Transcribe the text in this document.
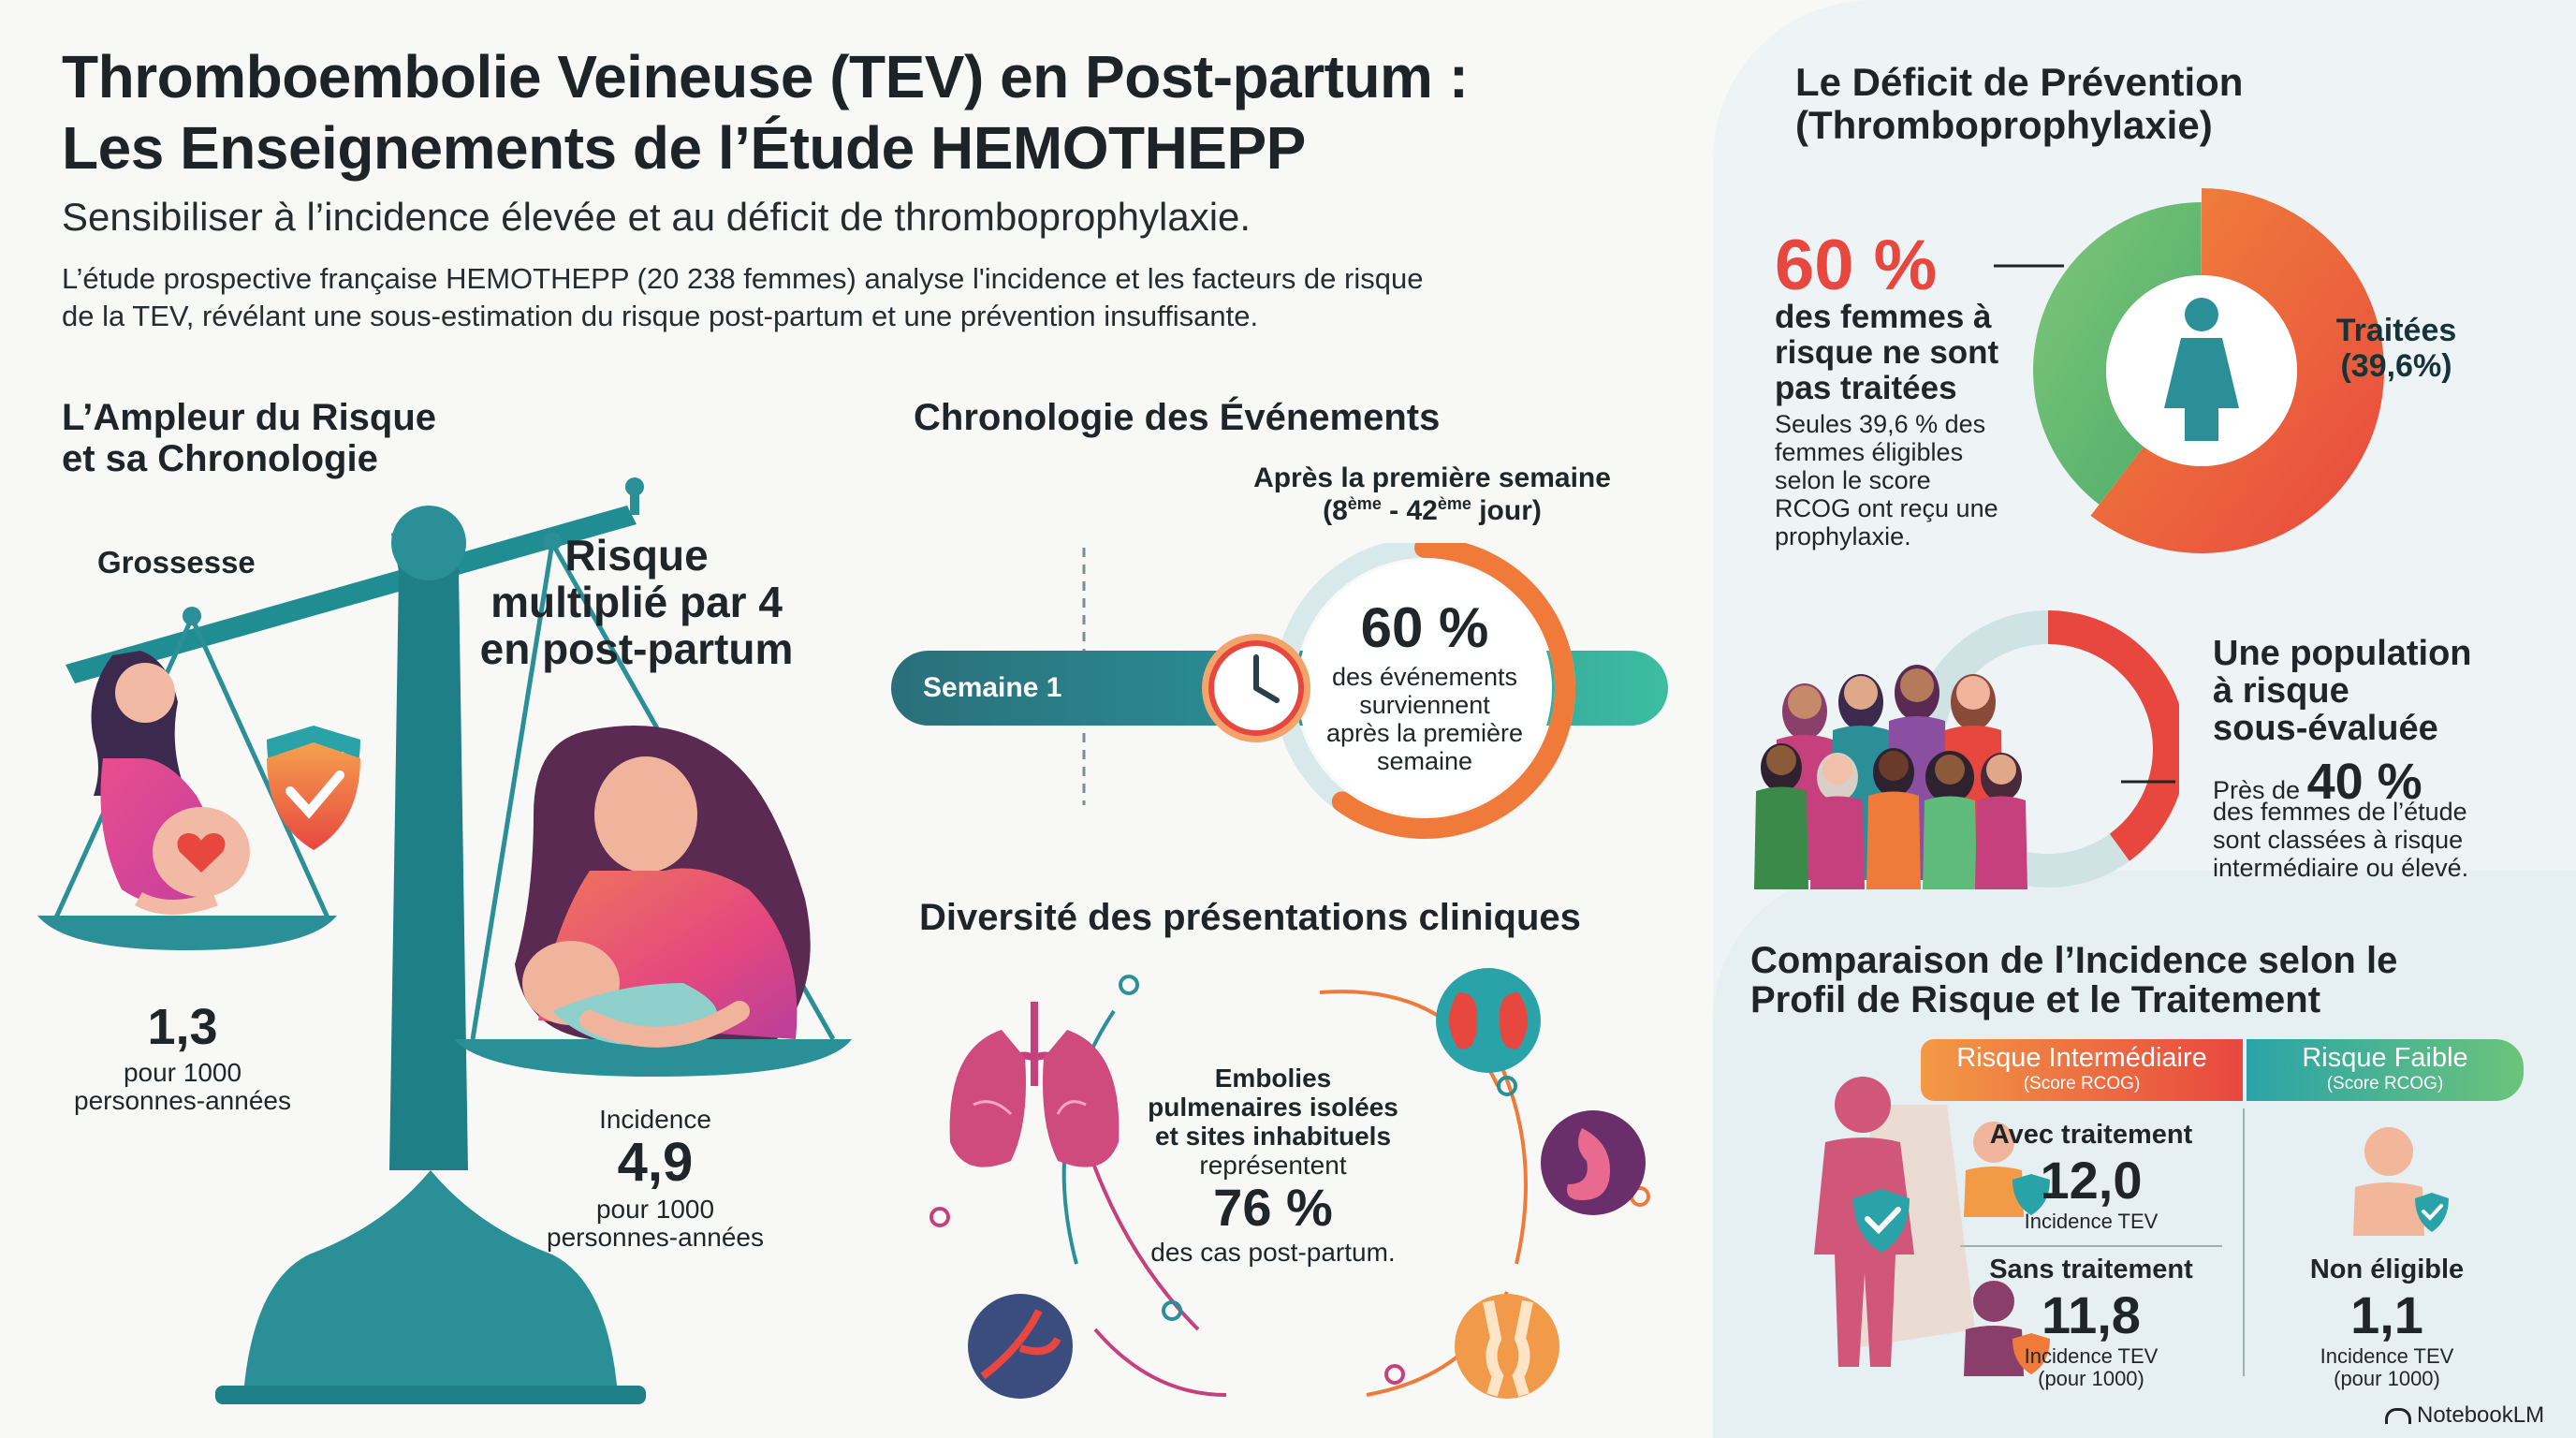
Thromboembolie Veineuse (TEV) en Post-partum :
Les Enseignements de l’Étude HEMOTHEPP
Sensibiliser à l’incidence élevée et au déficit de thromboprophylaxie.
L’étude prospective française HEMOTHEPP (20 238 femmes) analyse l'incidence et les facteurs de risque
de la TEV, révélant une sous-estimation du risque post-partum et une prévention insuffisante.
L’Ampleur du Risque
et sa Chronologie
Grossesse
1,3
pour 1000
personnes-années
Risque
multiplié par 4
en post-partum
Incidence
4,9
pour 1000
personnes-années
Chronologie des Événements
Après la première semaine
(8ème - 42ème jour)
Semaine 1
60 %
des événements
surviennent
après la première
semaine
Diversité des présentations cliniques
Embolies
pulmenaires isolées
et sites inhabituels
représentent
76 %
des cas post-partum.
Le Déficit de Prévention
(Thromboprophylaxie)
60 %
des femmes à
risque ne sont
pas traitées
Seules 39,6 % des
femmes éligibles
selon le score
RCOG ont reçu une
prophylaxie.
Traitées
(39,6%)
Une population
à risque
sous-évaluée
Près de 40 %
des femmes de l’étude
sont classées à risque
intermédiaire ou élevé.
Comparaison de l’Incidence selon le
Profil de Risque et le Traitement
Risque Intermédiaire
(Score RCOG)
Risque Faible
(Score RCOG)
Avec traitement
12,0
Incidence TEV
Sans traitement
11,8
Incidence TEV
(pour 1000)
Non éligible
1,1
Incidence TEV
(pour 1000)
NotebookLM
